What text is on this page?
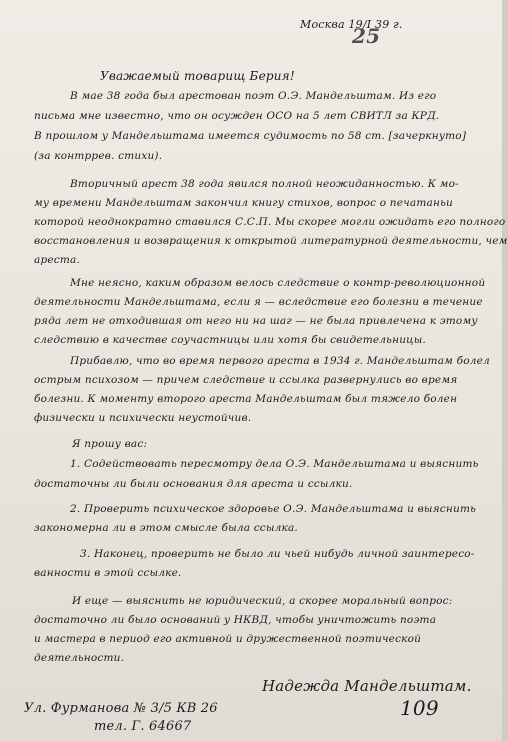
Москва 19/I 39 г.
25
Уважаемый товарищ Берия!
В мае 38 года был арестован поэт О.Э. Мандельштам. Из его
письма мне известно, что он осужден ОСО на 5 лет СВИТЛ за КРД.
В прошлом у Мандельштама имеется судимость по 58 ст. [зачеркнуто]
(за контррев. стихи).
Вторичный арест 38 года явился полной неожиданностью. К мо-
му времени Мандельштам закончил книгу стихов, вопрос о печатаньи
которой неоднократно ставился С.С.П. Мы скорее могли ожидать его полного
восстановления и возвращения к открытой литературной деятельности, чем
ареста.
Мне неясно, каким образом велось следствие о контр-революционной
деятельности Мандельштама, если я — вследствие его болезни в течение
ряда лет не отходившая от него ни на шаг — не была привлечена к этому
следствию в качестве соучастницы или хотя бы свидетельницы.
Прибавлю, что во время первого ареста в 1934 г. Мандельштам болел
острым психозом — причем следствие и ссылка развернулись во время
болезни. К моменту второго ареста Мандельштам был тяжело болен
физически и психически неустойчив.
Я прошу вас:
1. Содействовать пересмотру дела О.Э. Мандельштама и выяснить
достаточны ли были основания для ареста и ссылки.
2. Проверить психическое здоровье О.Э. Мандельштама и выяснить
закономерна ли в этом смысле была ссылка.
3. Наконец, проверить не было ли чьей нибудь личной заинтересо-
ванности в этой ссылке.
И еще — выяснить не юридический, а скорее моральный вопрос:
достаточно ли было оснований у НКВД, чтобы уничтожить поэта
и мастера в период его активной и дружественной поэтической
деятельности.
Надежда Мандельштам.
Ул. Фурманова № 3/5 КВ 26
тел. Г. 64667
109
